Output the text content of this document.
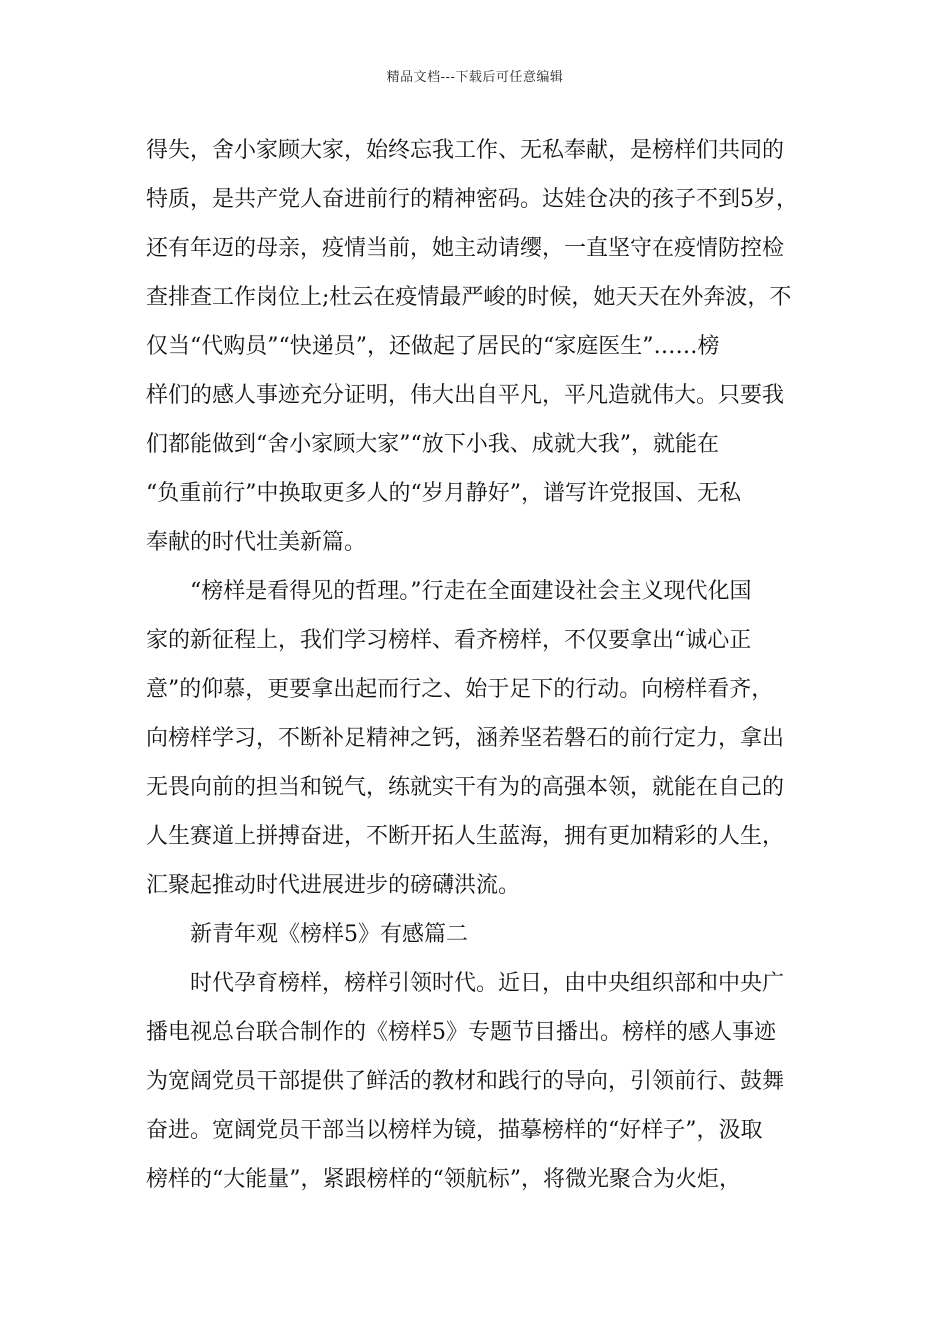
精品文档---下载后可任意编辑
得失，舍小家顾大家，始终忘我工作、无私奉献，是榜样们共同的
特质，是共产党人奋进前行的精神密码。达娃仓决的孩子不到5岁，
还有年迈的母亲，疫情当前，她主动请缨，一直坚守在疫情防控检
查排查工作岗位上;杜云在疫情最严峻的时候，她天天在外奔波，不
仅当“代购员”“快递员”，还做起了居民的“家庭医生”……榜
样们的感人事迹充分证明，伟大出自平凡，平凡造就伟大。只要我
们都能做到“舍小家顾大家”“放下小我、成就大我”，就能在
“负重前行”中换取更多人的“岁月静好”，谱写许党报国、无私
奉献的时代壮美新篇。
“榜样是看得见的哲理。”行走在全面建设社会主义现代化国
家的新征程上，我们学习榜样、看齐榜样，不仅要拿出“诚心正
意”的仰慕，更要拿出起而行之、始于足下的行动。向榜样看齐，
向榜样学习，不断补足精神之钙，涵养坚若磐石的前行定力，拿出
无畏向前的担当和锐气，练就实干有为的高强本领，就能在自己的
人生赛道上拼搏奋进，不断开拓人生蓝海，拥有更加精彩的人生，
汇聚起推动时代进展进步的磅礴洪流。
新青年观《榜样5》有感篇二
时代孕育榜样，榜样引领时代。近日，由中央组织部和中央广
播电视总台联合制作的《榜样5》专题节目播出。榜样的感人事迹
为宽阔党员干部提供了鲜活的教材和践行的导向，引领前行、鼓舞
奋进。宽阔党员干部当以榜样为镜，描摹榜样的“好样子”，汲取
榜样的“大能量”，紧跟榜样的“领航标”，将微光聚合为火炬，
